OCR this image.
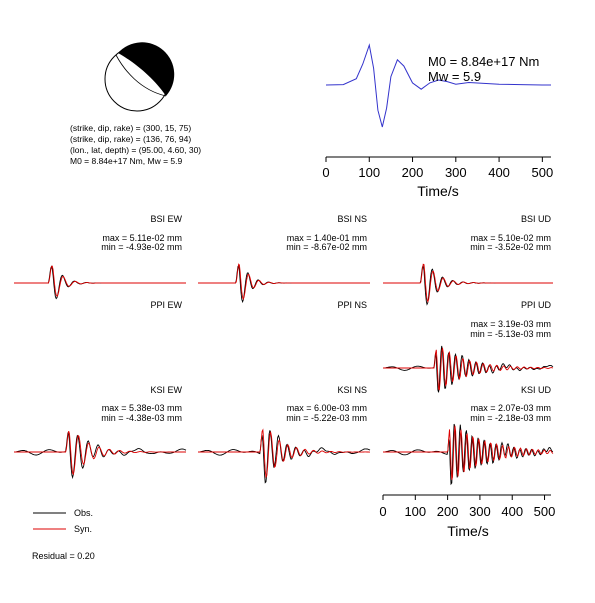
(strike, dip, rake) = (300, 15, 75)
(strike, dip, rake) = (136, 76, 94)
(lon., lat, depth) = (95.00, 4.60, 30)
M0 = 8.84e+17 Nm, Mw = 5.9
M0 = 8.84e+17 Nm
Mw = 5.9
0 100 200 300 400 500
Time/s
BSI EW
max = 5.11e-02 mm
min = -4.93e-02 mm
BSI NS
max = 1.40e-01 mm
min = -8.67e-02 mm
BSI UD
max = 5.10e-02 mm
min = -3.52e-02 mm
PPI EW	PPI NS	PPI UD
max = 3.19e-03 mm
min = -5.13e-03 mm
KSI EW
max = 5.38e-03 mm
min = -4.38e-03 mm
KSI NS
max = 6.00e-03 mm
min = -5.22e-03 mm
KSI UD
max = 2.07e-03 mm
min = -2.18e-03 mm
0 100 200 300 400 500
Time/s
Obs.
Syn.
Residual = 0.20
